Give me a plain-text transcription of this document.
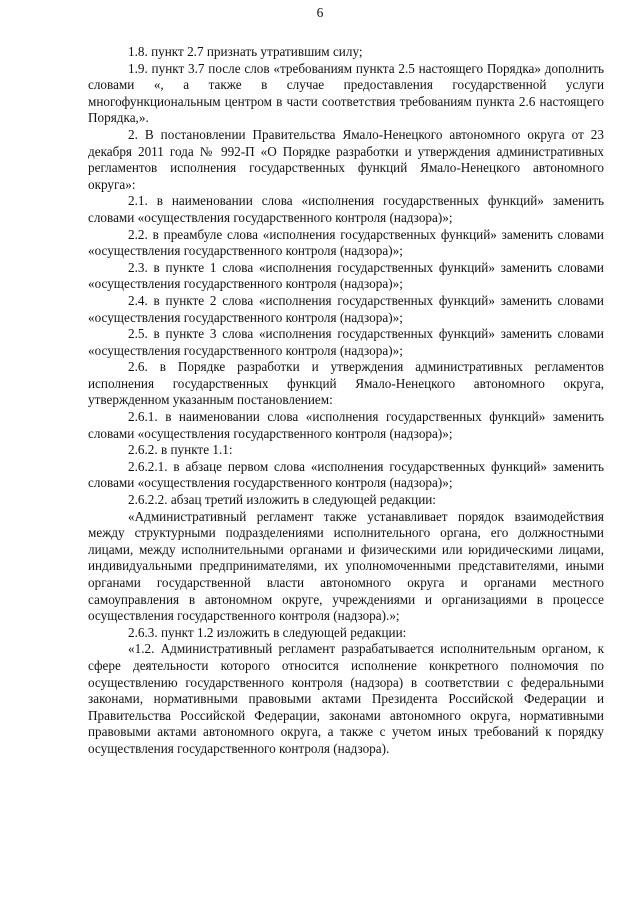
6

1.8. пункт 2.7 признать утратившим силу;

1.9. пункт 3.7 после слов «требованиям пункта 2.5 настоящего Порядка» дополнить словами «, а также в случае предоставления государственной услуги многофункциональным центром в части соответствия требованиям пункта 2.6 настоящего Порядка,».

2. В постановлении Правительства Ямало-Ненецкого автономного округа от 23 декабря 2011 года № 992-П «О Порядке разработки и утверждения административных регламентов исполнения государственных функций Ямало-Ненецкого автономного округа»:

2.1. в наименовании слова «исполнения государственных функций» заменить словами «осуществления государственного контроля (надзора)»;

2.2. в преамбуле слова «исполнения государственных функций» заменить словами «осуществления государственного контроля (надзора)»;

2.3. в пункте 1 слова «исполнения государственных функций» заменить словами «осуществления государственного контроля (надзора)»;

2.4. в пункте 2 слова «исполнения государственных функций» заменить словами «осуществления государственного контроля (надзора)»;

2.5. в пункте 3 слова «исполнения государственных функций» заменить словами «осуществления государственного контроля (надзора)»;

2.6. в Порядке разработки и утверждения административных регламентов исполнения государственных функций Ямало-Ненецкого автономного округа, утвержденном указанным постановлением:

2.6.1. в наименовании слова «исполнения государственных функций» заменить словами «осуществления государственного контроля (надзора)»;

2.6.2. в пункте 1.1:

2.6.2.1. в абзаце первом слова «исполнения государственных функций» заменить словами «осуществления государственного контроля (надзора)»;

2.6.2.2. абзац третий изложить в следующей редакции:

«Административный регламент также устанавливает порядок взаимодействия между структурными подразделениями исполнительного органа, его должностными лицами, между исполнительными органами и физическими или юридическими лицами, индивидуальными предпринимателями, их уполномоченными представителями, иными органами государственной власти автономного округа и органами местного самоуправления в автономном округе, учреждениями и организациями в процессе осуществления государственного контроля (надзора).»;

2.6.3. пункт 1.2 изложить в следующей редакции:

«1.2. Административный регламент разрабатывается исполнительным органом, к сфере деятельности которого относится исполнение конкретного полномочия по осуществлению государственного контроля (надзора) в соответствии с федеральными законами, нормативными правовыми актами Президента Российской Федерации и Правительства Российской Федерации, законами автономного округа, нормативными правовыми актами автономного округа, а также с учетом иных требований к порядку осуществления государственного контроля (надзора).
